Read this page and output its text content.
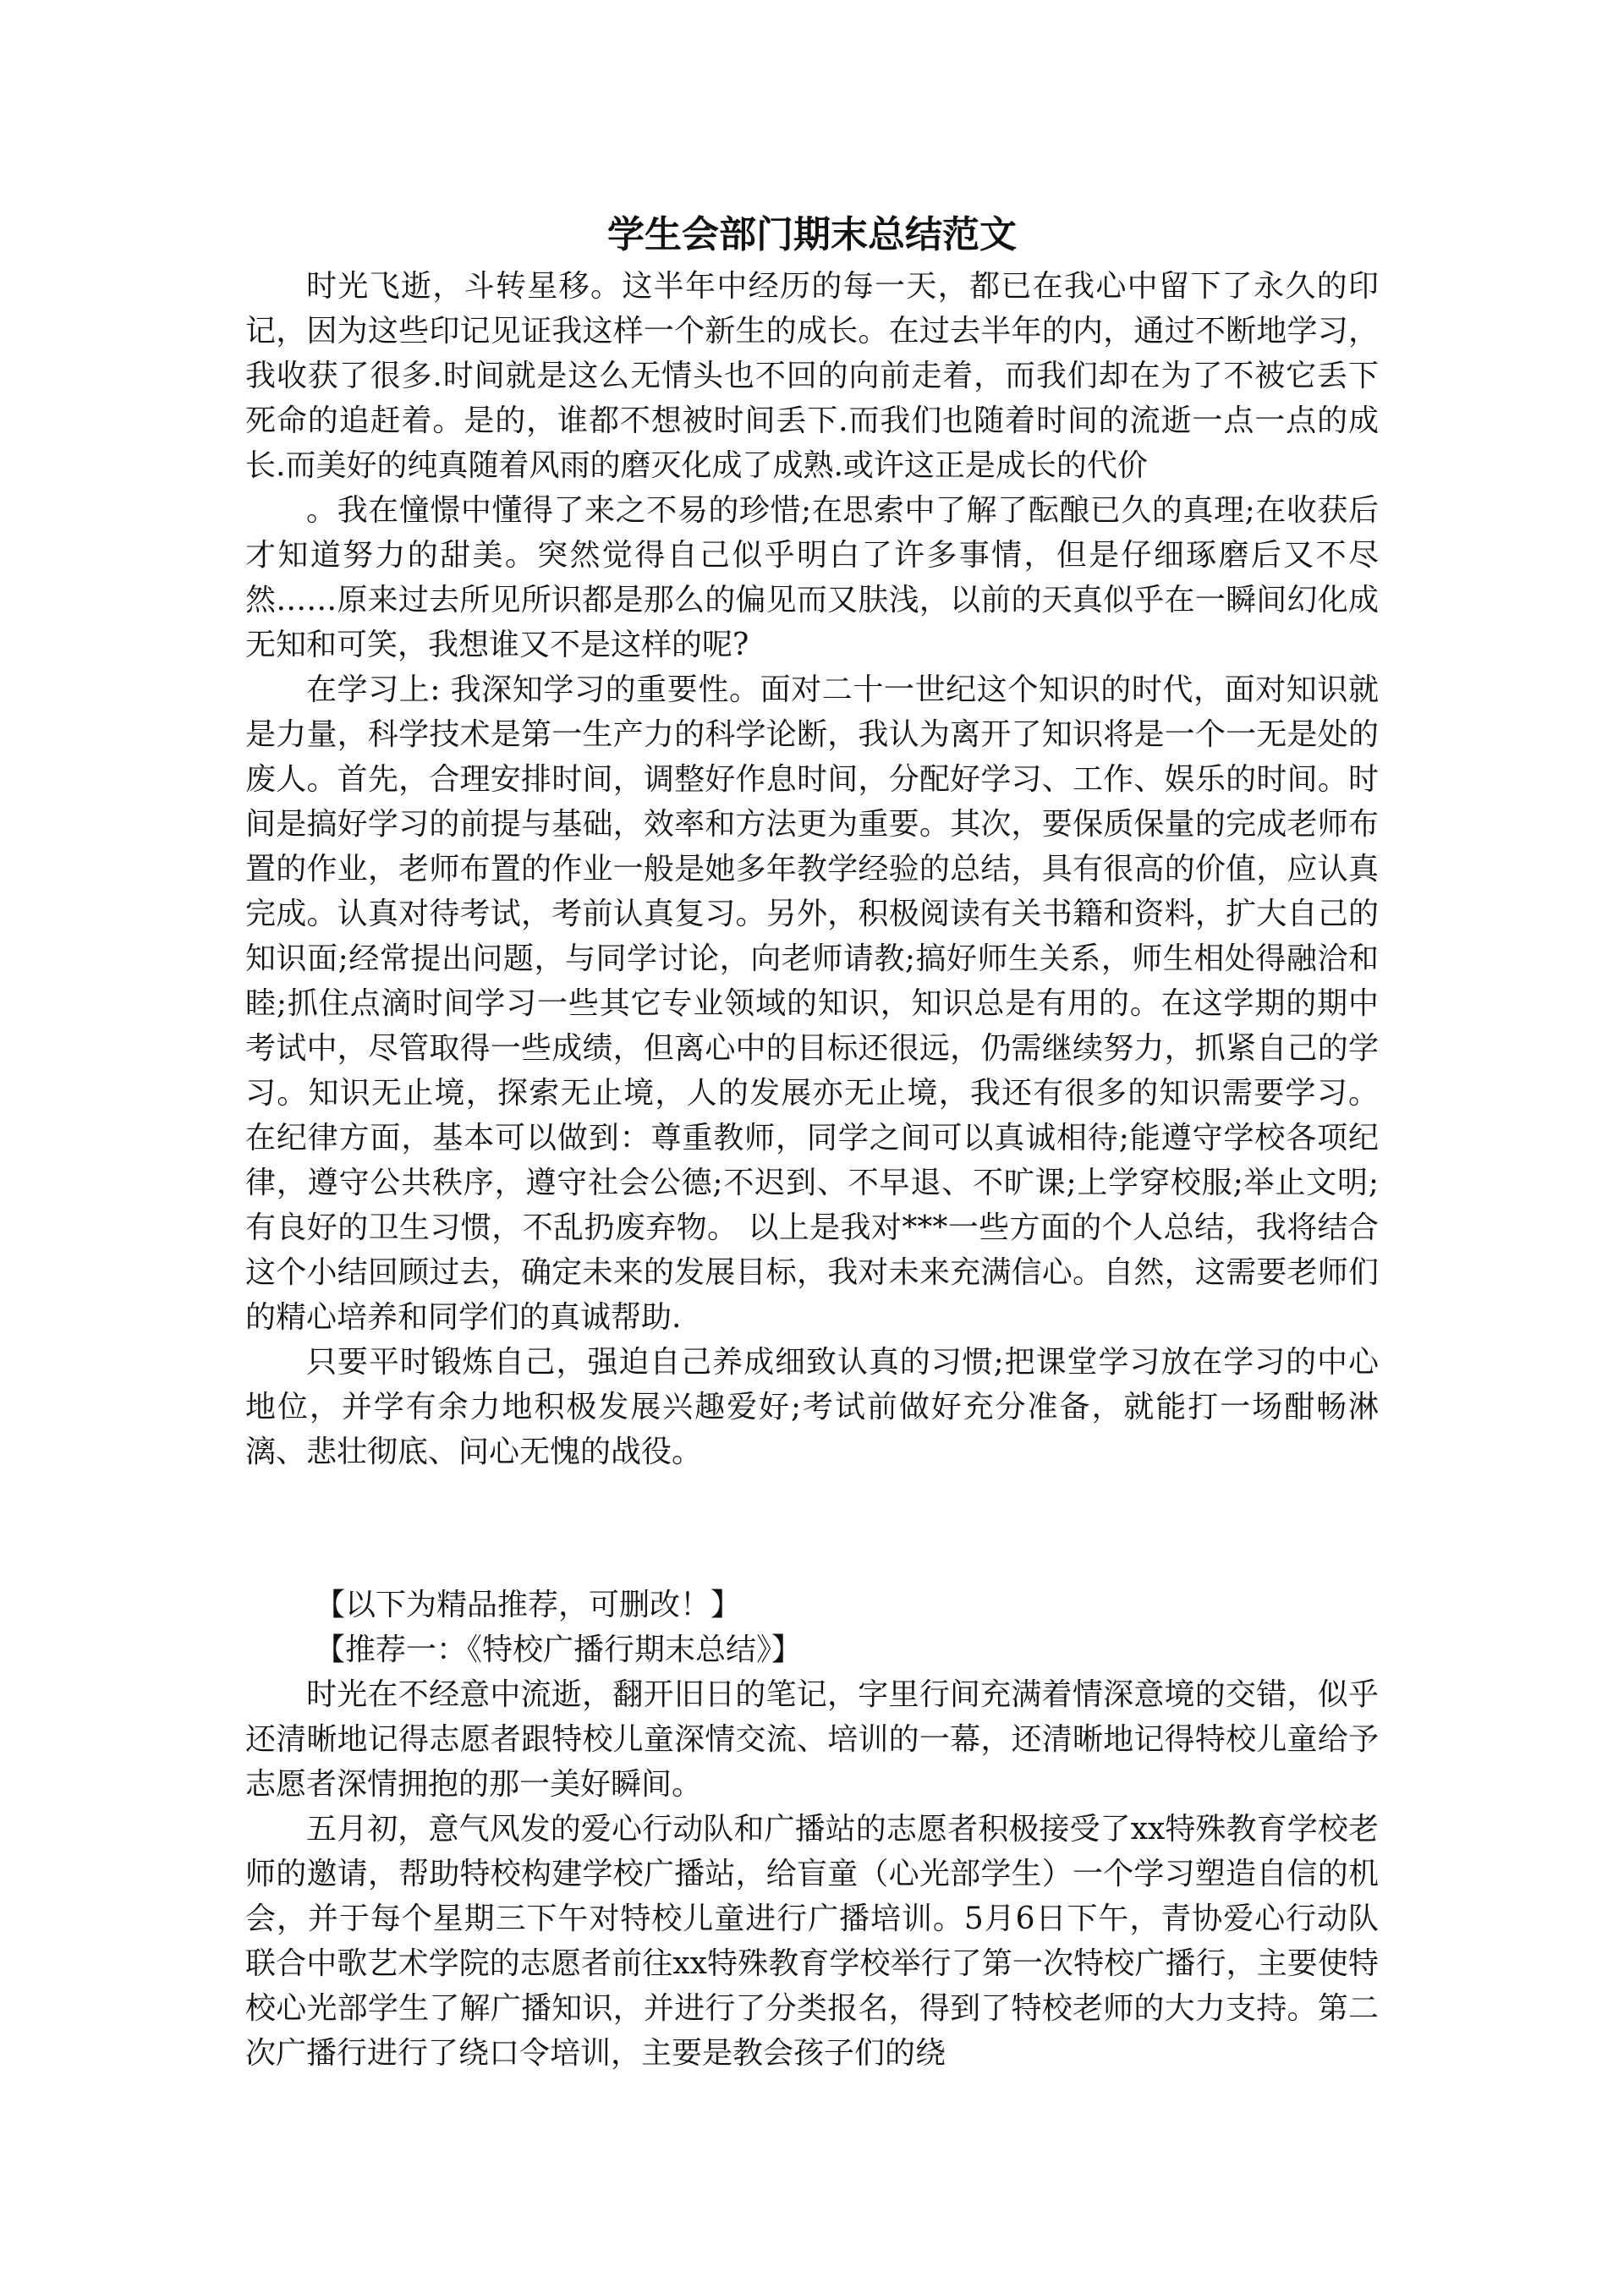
学生会部门期末总结范文

时光飞逝，斗转星移。这半年中经历的每一天，都已在我心中留下了永久的印记，因为这些印记见证我这样一个新生的成长。在过去半年的内，通过不断地学习，我收获了很多.时间就是这么无情头也不回的向前走着，而我们却在为了不被它丢下死命的追赶着。是的，谁都不想被时间丢下.而我们也随着时间的流逝一点一点的成长.而美好的纯真随着风雨的磨灭化成了成熟.或许这正是成长的代价

。我在憧憬中懂得了来之不易的珍惜;在思索中了解了酝酿已久的真理;在收获后才知道努力的甜美。突然觉得自己似乎明白了许多事情，但是仔细琢磨后又不尽然……原来过去所见所识都是那么的偏见而又肤浅，以前的天真似乎在一瞬间幻化成无知和可笑，我想谁又不是这样的呢?

在学习上: 我深知学习的重要性。面对二十一世纪这个知识的时代，面对知识就是力量，科学技术是第一生产力的科学论断，我认为离开了知识将是一个一无是处的废人。首先，合理安排时间，调整好作息时间，分配好学习、工作、娱乐的时间。时间是搞好学习的前提与基础，效率和方法更为重要。其次，要保质保量的完成老师布置的作业，老师布置的作业一般是她多年教学经验的总结，具有很高的价值，应认真完成。认真对待考试，考前认真复习。另外，积极阅读有关书籍和资料，扩大自己的知识面;经常提出问题，与同学讨论，向老师请教;搞好师生关系，师生相处得融洽和睦;抓住点滴时间学习一些其它专业领域的知识，知识总是有用的。在这学期的期中考试中，尽管取得一些成绩，但离心中的目标还很远，仍需继续努力，抓紧自己的学习。知识无止境，探索无止境，人的发展亦无止境，我还有很多的知识需要学习。 在纪律方面，基本可以做到：尊重教师，同学之间可以真诚相待;能遵守学校各项纪律，遵守公共秩序，遵守社会公德;不迟到、不早退、不旷课;上学穿校服;举止文明; 有良好的卫生习惯，不乱扔废弃物。 以上是我对***一些方面的个人总结，我将结合这个小结回顾过去，确定未来的发展目标，我对未来充满信心。自然，这需要老师们的精心培养和同学们的真诚帮助.

只要平时锻炼自己，强迫自己养成细致认真的习惯;把课堂学习放在学习的中心地位，并学有余力地积极发展兴趣爱好;考试前做好充分准备，就能打一场酣畅淋漓、悲壮彻底、问心无愧的战役。

【以下为精品推荐，可删改！】

【推荐一：《特校广播行期末总结》】

时光在不经意中流逝，翻开旧日的笔记，字里行间充满着情深意境的交错，似乎还清晰地记得志愿者跟特校儿童深情交流、培训的一幕，还清晰地记得特校儿童给予志愿者深情拥抱的那一美好瞬间。

五月初，意气风发的爱心行动队和广播站的志愿者积极接受了xx特殊教育学校老师的邀请，帮助特校构建学校广播站，给盲童（心光部学生）一个学习塑造自信的机会，并于每个星期三下午对特校儿童进行广播培训。5月6日下午，青协爱心行动队联合中歌艺术学院的志愿者前往xx特殊教育学校举行了第一次特校广播行，主要使特校心光部学生了解广播知识，并进行了分类报名，得到了特校老师的大力支持。第二次广播行进行了绕口令培训，主要是教会孩子们的绕
